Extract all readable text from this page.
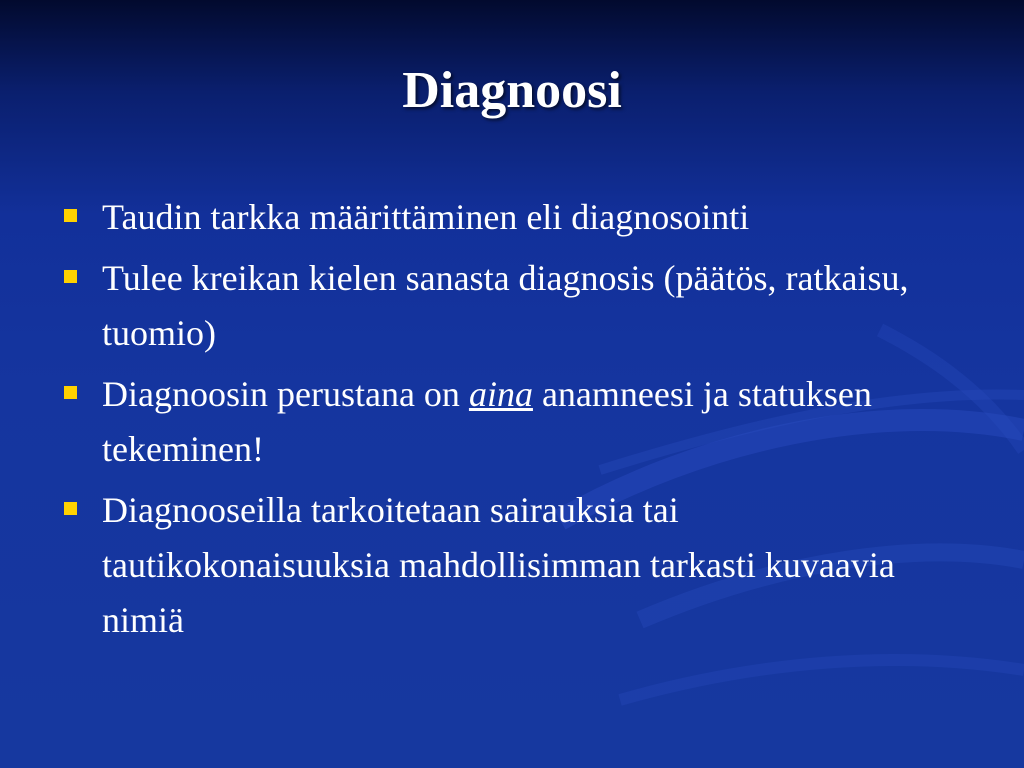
Diagnoosi
Taudin tarkka määrittäminen eli diagnosointi
Tulee kreikan kielen sanasta diagnosis (päätös, ratkaisu, tuomio)
Diagnoosin perustana on aina anamneesi ja statuksen tekeminen!
Diagnooseilla tarkoitetaan sairauksia tai tautikokonaisuuksia mahdollisimman tarkasti kuvaavia nimiä
